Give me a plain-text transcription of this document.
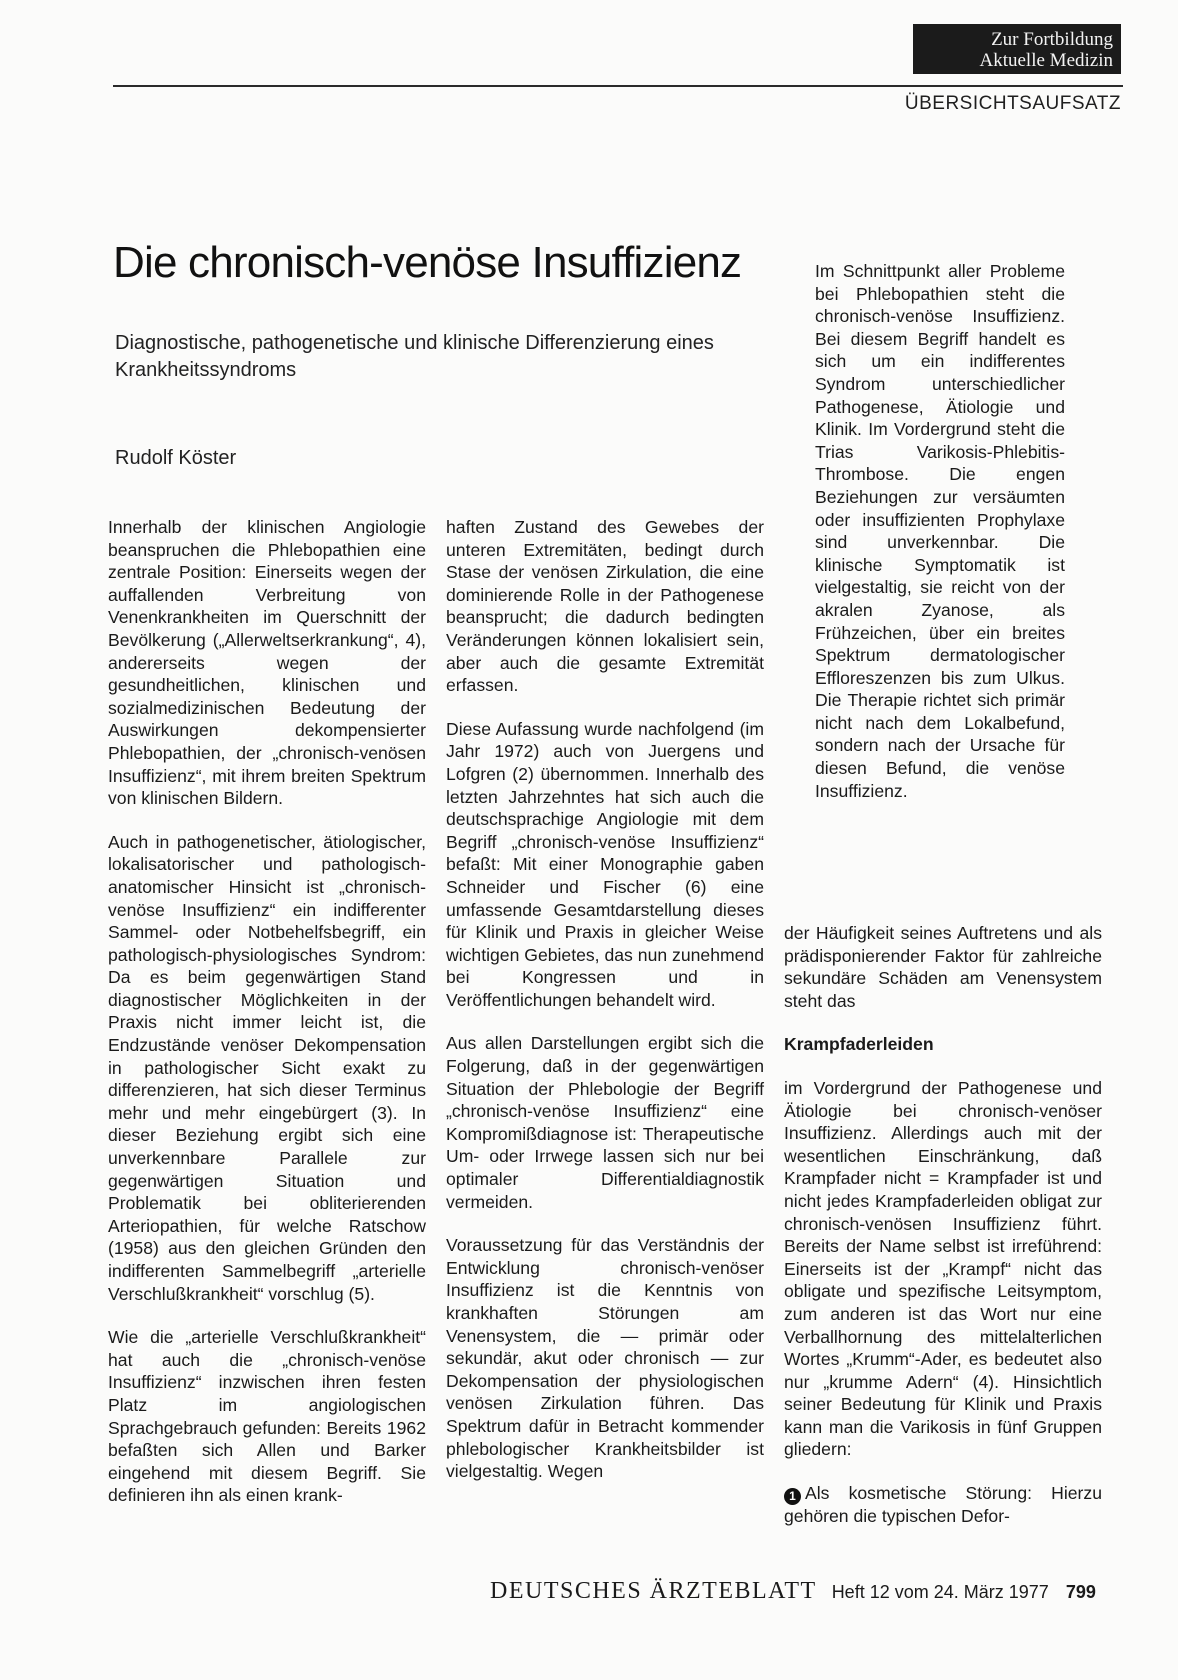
Zur Fortbildung
Aktuelle Medizin
ÜBERSICHTSAUFSATZ
Die chronisch-venöse Insuffizienz
Diagnostische, pathogenetische und klinische Differenzierung eines Krankheitssyndroms
Rudolf Köster

Im Schnittpunkt aller Probleme bei Phlebopathien steht die chronisch-venöse Insuffizienz. Bei diesem Begriff handelt es sich um ein indifferentes Syndrom unterschiedlicher Pathogenese, Ätiologie und Klinik. Im Vordergrund steht die Trias Varikosis-Phlebitis-Thrombose. Die engen Beziehungen zur versäumten oder insuffizienten Prophylaxe sind unverkennbar. Die klinische Symptomatik ist vielgestaltig, sie reicht von der akralen Zyanose, als Frühzeichen, über ein breites Spektrum dermatologischer Effloreszenzen bis zum Ulkus. Die Therapie richtet sich primär nicht nach dem Lokalbefund, sondern nach der Ursache für diesen Befund, die venöse Insuffizienz.

Innerhalb der klinischen Angiologie beanspruchen die Phlebopathien eine zentrale Position: Einerseits wegen der auffallenden Verbreitung von Venenkrankheiten im Querschnitt der Bevölkerung („Allerweltserkrankung“, 4), andererseits wegen der gesundheitlichen, klinischen und sozialmedizinischen Bedeutung der Auswirkungen dekompensierter Phlebopathien, der „chronisch-venösen Insuffizienz“, mit ihrem breiten Spektrum von klinischen Bildern.

Auch in pathogenetischer, ätiologischer, lokalisatorischer und pathologisch-anatomischer Hinsicht ist „chronisch-venöse Insuffizienz“ ein indifferenter Sammel- oder Notbehelfsbegriff, ein pathologisch-physiologisches Syndrom: Da es beim gegenwärtigen Stand diagnostischer Möglichkeiten in der Praxis nicht immer leicht ist, die Endzustände venöser Dekompensation in pathologischer Sicht exakt zu differenzieren, hat sich dieser Terminus mehr und mehr eingebürgert (3). In dieser Beziehung ergibt sich eine unverkennbare Parallele zur gegenwärtigen Situation und Problematik bei obliterierenden Arteriopathien, für welche Ratschow (1958) aus den gleichen Gründen den indifferenten Sammelbegriff „arterielle Verschlußkrankheit“ vorschlug (5).

Wie die „arterielle Verschlußkrankheit“ hat auch die „chronisch-venöse Insuffizienz“ inzwischen ihren festen Platz im angiologischen Sprachgebrauch gefunden: Bereits 1962 befaßten sich Allen und Barker eingehend mit diesem Begriff. Sie definieren ihn als einen krank-

haften Zustand des Gewebes der unteren Extremitäten, bedingt durch Stase der venösen Zirkulation, die eine dominierende Rolle in der Pathogenese beansprucht; die dadurch bedingten Veränderungen können lokalisiert sein, aber auch die gesamte Extremität erfassen.

Diese Aufassung wurde nachfolgend (im Jahr 1972) auch von Juergens und Lofgren (2) übernommen. Innerhalb des letzten Jahrzehntes hat sich auch die deutschsprachige Angiologie mit dem Begriff „chronisch-venöse Insuffizienz“ befaßt: Mit einer Monographie gaben Schneider und Fischer (6) eine umfassende Gesamtdarstellung dieses für Klinik und Praxis in gleicher Weise wichtigen Gebietes, das nun zunehmend bei Kongressen und in Veröffentlichungen behandelt wird.

Aus allen Darstellungen ergibt sich die Folgerung, daß in der gegenwärtigen Situation der Phlebologie der Begriff „chronisch-venöse Insuffizienz“ eine Kompromißdiagnose ist: Therapeutische Um- oder Irrwege lassen sich nur bei optimaler Differentialdiagnostik vermeiden.

Voraussetzung für das Verständnis der Entwicklung chronisch-venöser Insuffizienz ist die Kenntnis von krankhaften Störungen am Venensystem, die — primär oder sekundär, akut oder chronisch — zur Dekompensation der physiologischen venösen Zirkulation führen. Das Spektrum dafür in Betracht kommender phlebologischer Krankheitsbilder ist vielgestaltig. Wegen

der Häufigkeit seines Auftretens und als prädisponierender Faktor für zahlreiche sekundäre Schäden am Venensystem steht das

Krampfaderleiden

im Vordergrund der Pathogenese und Ätiologie bei chronisch-venöser Insuffizienz. Allerdings auch mit der wesentlichen Einschränkung, daß Krampfader nicht = Krampfader ist und nicht jedes Krampfaderleiden obligat zur chronisch-venösen Insuffizienz führt. Bereits der Name selbst ist irreführend: Einerseits ist der „Krampf“ nicht das obligate und spezifische Leitsymptom, zum anderen ist das Wort nur eine Verballhornung des mittelalterlichen Wortes „Krumm“-Ader, es bedeutet also nur „krumme Adern“ (4). Hinsichtlich seiner Bedeutung für Klinik und Praxis kann man die Varikosis in fünf Gruppen gliedern:

1 Als kosmetische Störung: Hierzu gehören die typischen Defor-

DEUTSCHES ÄRZTEBLATT Heft 12 vom 24. März 1977 799
